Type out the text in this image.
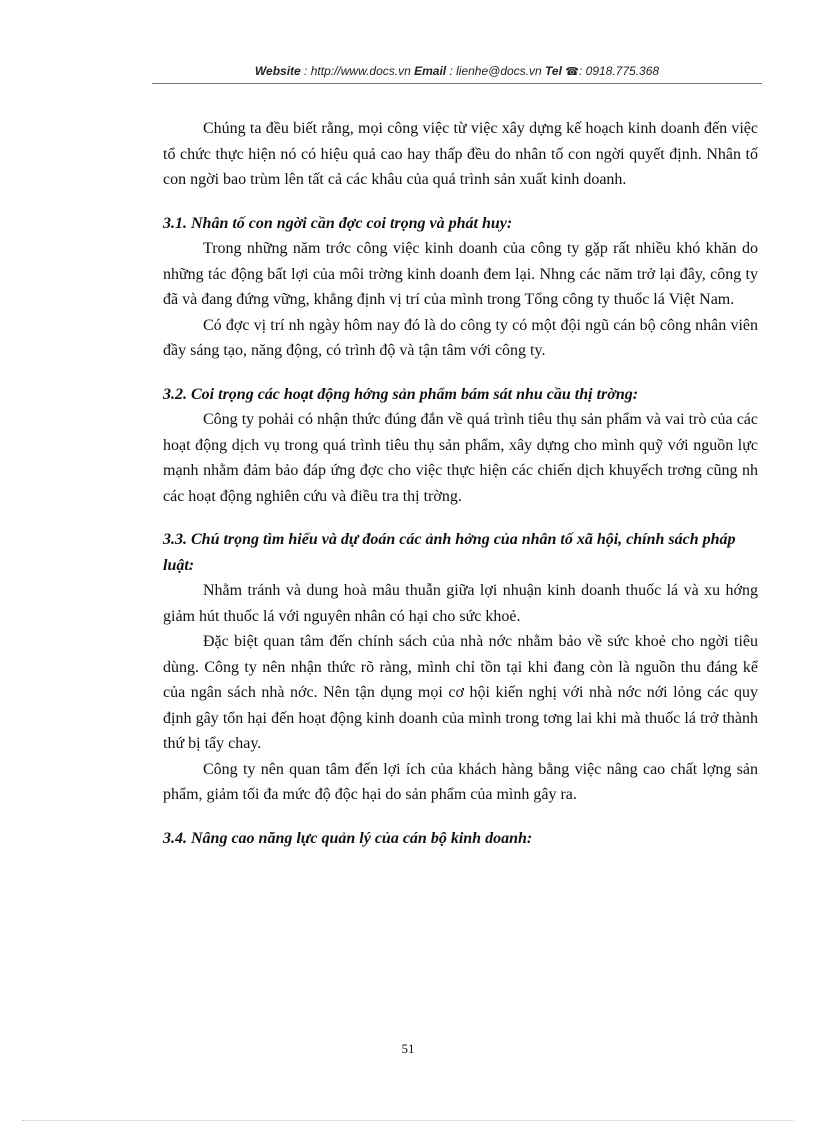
Website : http://www.docs.vn Email : lienhe@docs.vn Tel ☎: 0918.775.368

Chúng ta đều biết rằng, mọi công việc từ việc xây dựng kế hoạch kinh doanh đến việc tổ chức thực hiện nó có hiệu quả cao hay thấp đều do nhân tố con ngời quyết định. Nhân tố con ngời bao trùm lên tất cả các khâu của quá trình sản xuất kinh doanh.

3.1. Nhân tố con ngời cần đợc coi trọng và phát huy:

Trong những năm trớc công việc kinh doanh của công ty gặp rất nhiều khó khăn do những tác động bất lợi của môi trờng kinh doanh đem lại. Nhng các năm trở lại đây, công ty đã và đang đứng vững, khẳng định vị trí của mình trong Tổng công ty thuốc lá Việt Nam.

Có đợc vị trí nh ngày hôm nay đó là do công ty có một đội ngũ cán bộ công nhân viên đầy sáng tạo, năng động, có trình độ và tận tâm với công ty.

3.2. Coi trọng các hoạt động hớng sản phẩm bám sát nhu cầu thị trờng:

Công ty pohải có nhận thức đúng đắn về quá trình tiêu thụ sản phẩm và vai trò của các hoạt động dịch vụ trong quá trình tiêu thụ sản phẩm, xây dựng cho mình quỹ với nguồn lực mạnh nhằm đảm bảo đáp ứng đợc cho việc thực hiện các chiến dịch khuyếch trơng cũng nh các hoạt động nghiên cứu và điều tra thị trờng.

3.3. Chú trọng tìm hiểu và dự đoán các ảnh hởng của nhân tố xã hội, chính sách pháp luật:

Nhằm tránh và dung hoà mâu thuẫn giữa lợi nhuận kinh doanh thuốc lá và xu hớng giảm hút thuốc lá với nguyên nhân có hại cho sức khoẻ.

Đặc biệt quan tâm đến chính sách của nhà nớc nhằm bảo về sức khoẻ cho ngời tiêu dùng. Công ty nên nhận thức rõ ràng, mình chỉ tồn tại khi đang còn là nguồn thu đáng kể của ngân sách nhà nớc. Nên tận dụng mọi cơ hội kiến nghị với nhà nớc nới lỏng các quy định gây tổn hại đến hoạt động kinh doanh của mình trong tơng lai khi mà thuốc lá trở thành thứ bị tẩy chay.

Công ty nên quan tâm đến lợi ích của khách hàng bằng việc nâng cao chất lợng sản phẩm, giảm tối đa mức độ độc hại do sản phẩm của mình gây ra.

3.4. Nâng cao năng lực quản lý của cán bộ kinh doanh:
51
